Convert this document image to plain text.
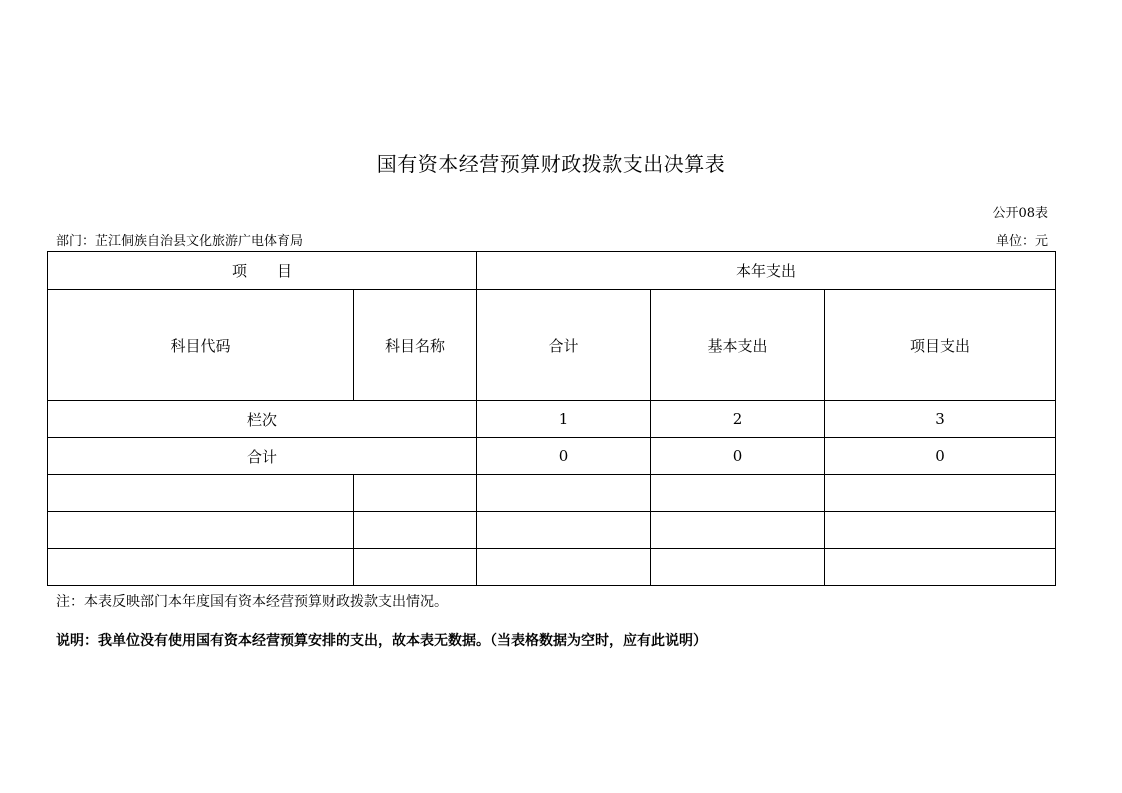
国有资本经营预算财政拨款支出决算表
公开08表
部门：芷江侗族自治县文化旅游广电体育局	单位：元
项　　目		本年支出		
科目代码	科目名称	合计	基本支出	项目支出
栏次		1	2	3
合计		0	0	0

注：本表反映部门本年度国有资本经营预算财政拨款支出情况。
说明：我单位没有使用国有资本经营预算安排的支出，故本表无数据。（当表格数据为空时，应有此说明）
